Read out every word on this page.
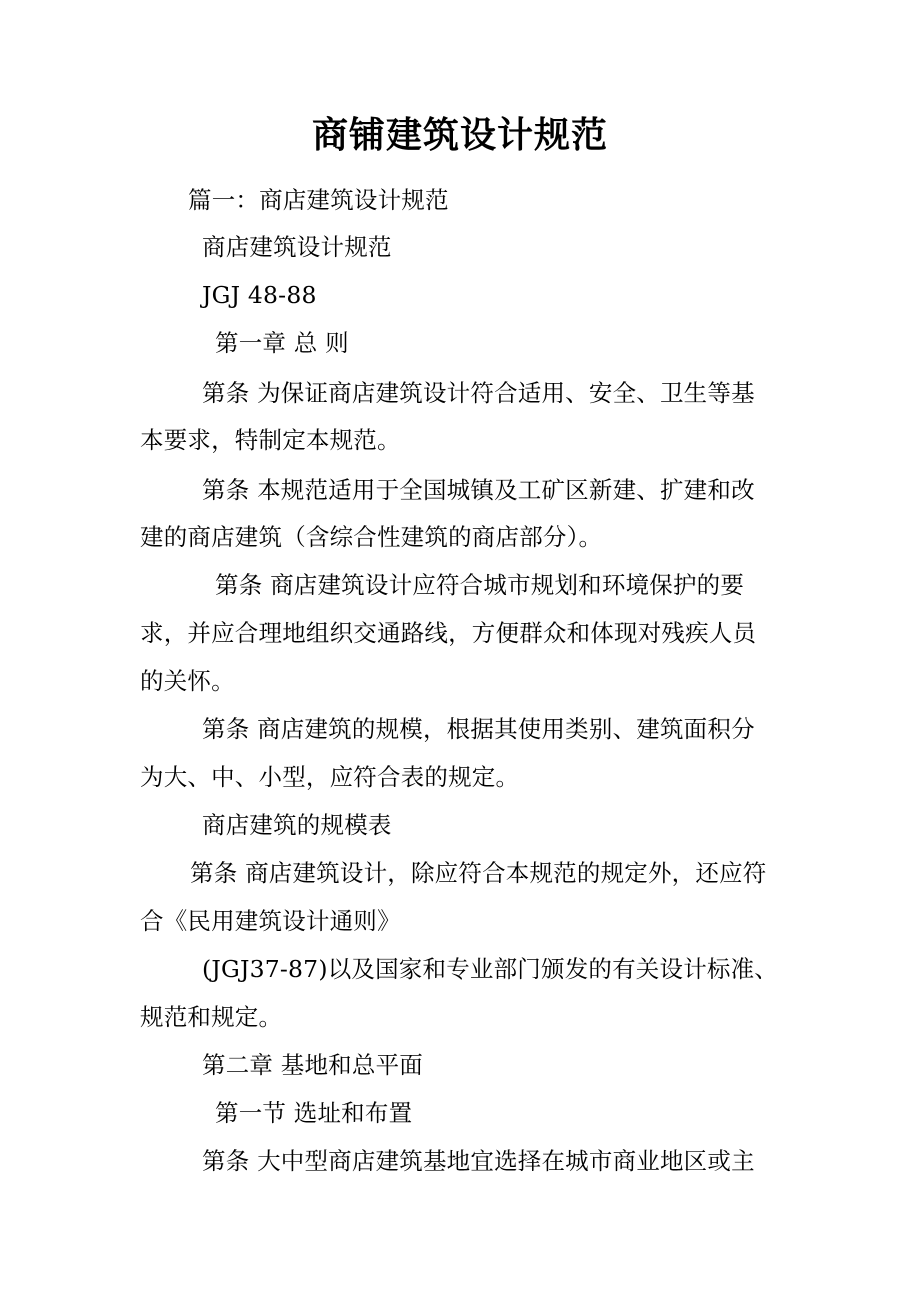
商铺建筑设计规范
篇一：商店建筑设计规范
商店建筑设计规范
JGJ 48-88
第一章 总 则
第条 为保证商店建筑设计符合适用、安全、卫生等基
本要求，特制定本规范。
第条 本规范适用于全国城镇及工矿区新建、扩建和改
建的商店建筑（含综合性建筑的商店部分）。
第条 商店建筑设计应符合城市规划和环境保护的要
求，并应合理地组织交通路线，方便群众和体现对残疾人员
的关怀。
第条 商店建筑的规模，根据其使用类别、建筑面积分
为大、中、小型，应符合表的规定。
商店建筑的规模表
第条 商店建筑设计，除应符合本规范的规定外，还应符
合《民用建筑设计通则》
(JGJ37-87)以及国家和专业部门颁发的有关设计标准、
规范和规定。
第二章 基地和总平面
第一节 选址和布置
第条 大中型商店建筑基地宜选择在城市商业地区或主
